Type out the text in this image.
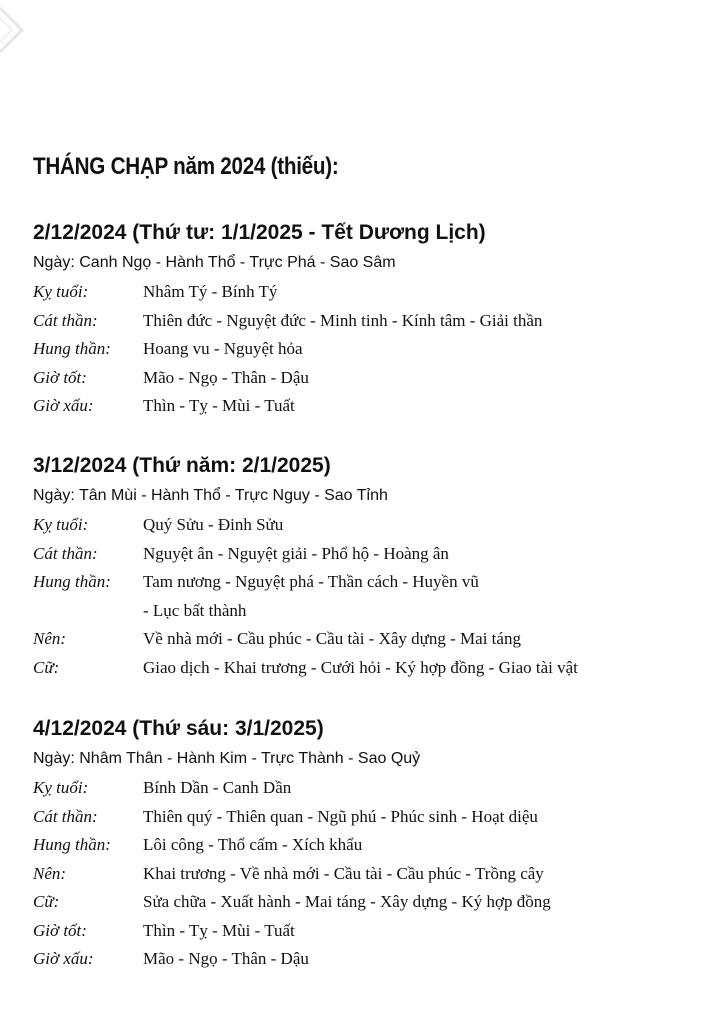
THÁNG CHẠP năm 2024 (thiếu):
2/12/2024 (Thứ tư: 1/1/2025 - Tết Dương Lịch)
Ngày: Canh Ngọ - Hành Thổ - Trực Phá - Sao Sâm
Kỵ tuổi:	Nhâm Tý - Bính Tý
Cát thần:	Thiên đức - Nguyệt đức - Minh tinh - Kính tâm - Giải thần
Hung thần:	Hoang vu - Nguyệt hỏa
Giờ tốt:	Mão - Ngọ - Thân - Dậu
Giờ xấu:	Thìn - Tỵ - Mùi - Tuất
3/12/2024 (Thứ năm: 2/1/2025)
Ngày: Tân Mùi - Hành Thổ - Trực Nguy - Sao Tỉnh
Kỵ tuổi:	Quý Sửu - Đinh Sửu
Cát thần:	Nguyệt ân - Nguyệt giải - Phổ hộ - Hoàng ân
Hung thần:	Tam nương - Nguyệt phá - Thần cách - Huyền vũ
- Lục bất thành
Nên:	Về nhà mới - Cầu phúc - Cầu tài - Xây dựng - Mai táng
Cữ:	Giao dịch - Khai trương - Cưới hỏi - Ký hợp đồng - Giao tài vật
4/12/2024 (Thứ sáu: 3/1/2025)
Ngày: Nhâm Thân - Hành Kim - Trực Thành - Sao Quỷ
Kỵ tuổi:	Bính Dần - Canh Dần
Cát thần:	Thiên quý - Thiên quan - Ngũ phú - Phúc sinh - Hoạt diệu
Hung thần:	Lôi công - Thổ cấm - Xích khẩu
Nên:	Khai trương - Về nhà mới - Cầu tài - Cầu phúc - Trồng cây
Cữ:	Sửa chữa - Xuất hành - Mai táng - Xây dựng - Ký hợp đồng
Giờ tốt:	Thìn - Tỵ - Mùi - Tuất
Giờ xấu:	Mão - Ngọ - Thân - Dậu
